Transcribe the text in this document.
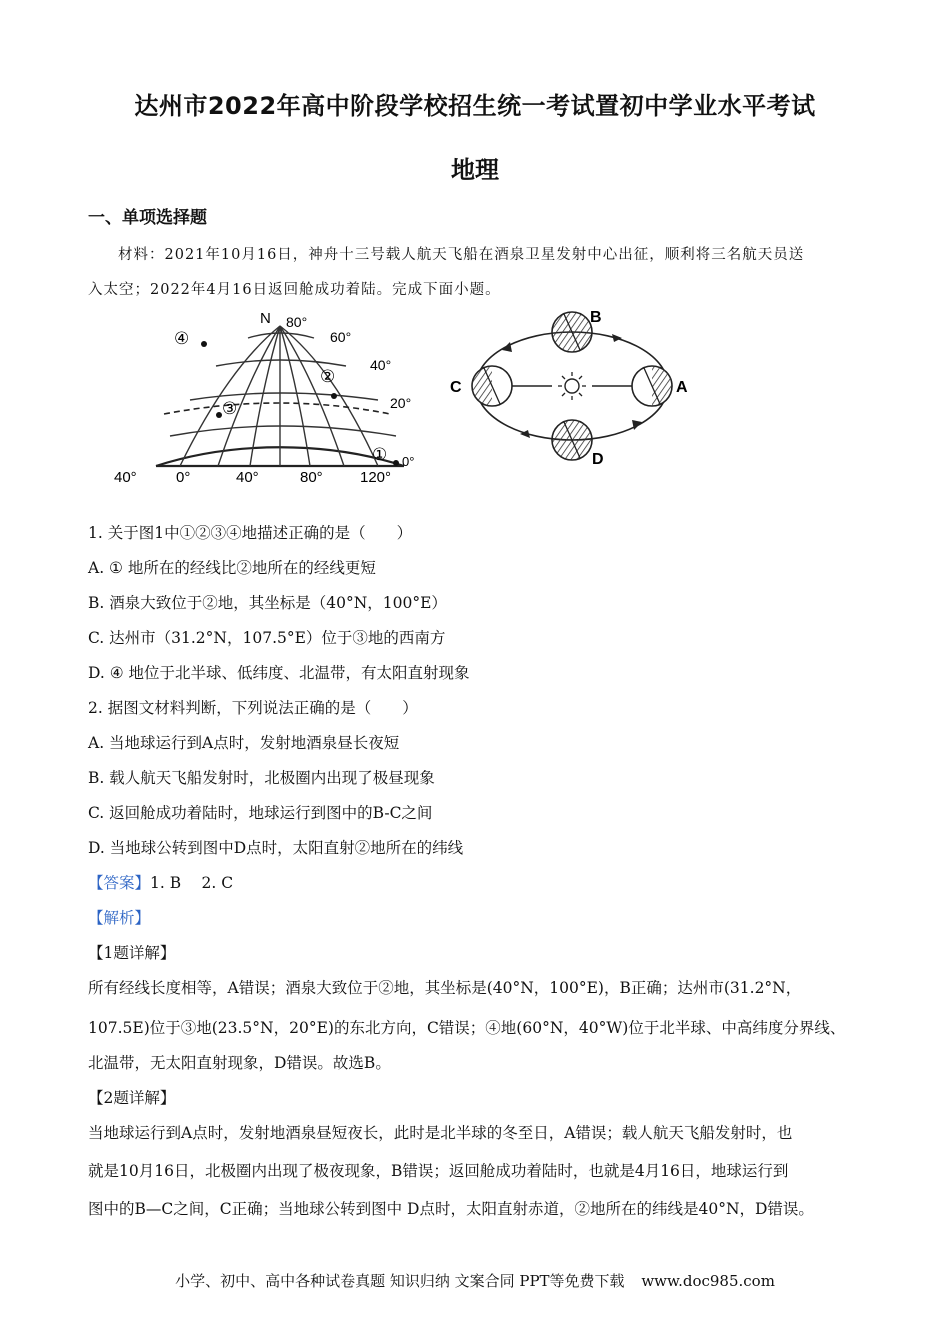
达州市2022年高中阶段学校招生统一考试置初中学业水平考试
地理
一、单项选择题
材料：2021年10月16日，神舟十三号载人航天飞船在酒泉卫星发射中心出征，顺利将三名航天员送
入太空；2022年4月16日返回舱成功着陆。完成下面小题。
N 80°
60°
40°
20°
0°
40°	0°	40°	80° 120°
①
②
③
④
A
B
C
D
1. 关于图1中①②③④地描述正确的是（　　）
A. ① 地所在的经线比②地所在的经线更短
B. 酒泉大致位于②地，其坐标是（40°N，100°E）
C. 达州市（31.2°N，107.5°E）位于③地的西南方
D. ④ 地位于北半球、低纬度、北温带，有太阳直射现象
2. 据图文材料判断，下列说法正确的是（　　）
A. 当地球运行到A点时，发射地酒泉昼长夜短
B. 载人航天飞船发射时，北极圈内出现了极昼现象
C. 返回舱成功着陆时，地球运行到图中的B-C之间
D. 当地球公转到图中D点时，太阳直射②地所在的纬线
【答案】1. B　 2. C
【解析】
【1题详解】
所有经线长度相等，A错误；酒泉大致位于②地，其坐标是(40°N，100°E)，B正确；达州市(31.2°N，
107.5E)位于③地(23.5°N，20°E)的东北方向，C错误；④地(60°N，40°W)位于北半球、中高纬度分界线、
北温带，无太阳直射现象，D错误。故选B。
【2题详解】
当地球运行到A点时，发射地酒泉昼短夜长，此时是北半球的冬至日，A错误；载人航天飞船发射时，也
就是10月16日，北极圈内出现了极夜现象，B错误；返回舱成功着陆时，也就是4月16日，地球运行到
图中的B—C之间，C正确；当地球公转到图中 D点时，太阳直射赤道，②地所在的纬线是40°N，D错误。
小学、初中、高中各种试卷真题 知识归纳 文案合同 PPT等免费下载 www.doc985.com
